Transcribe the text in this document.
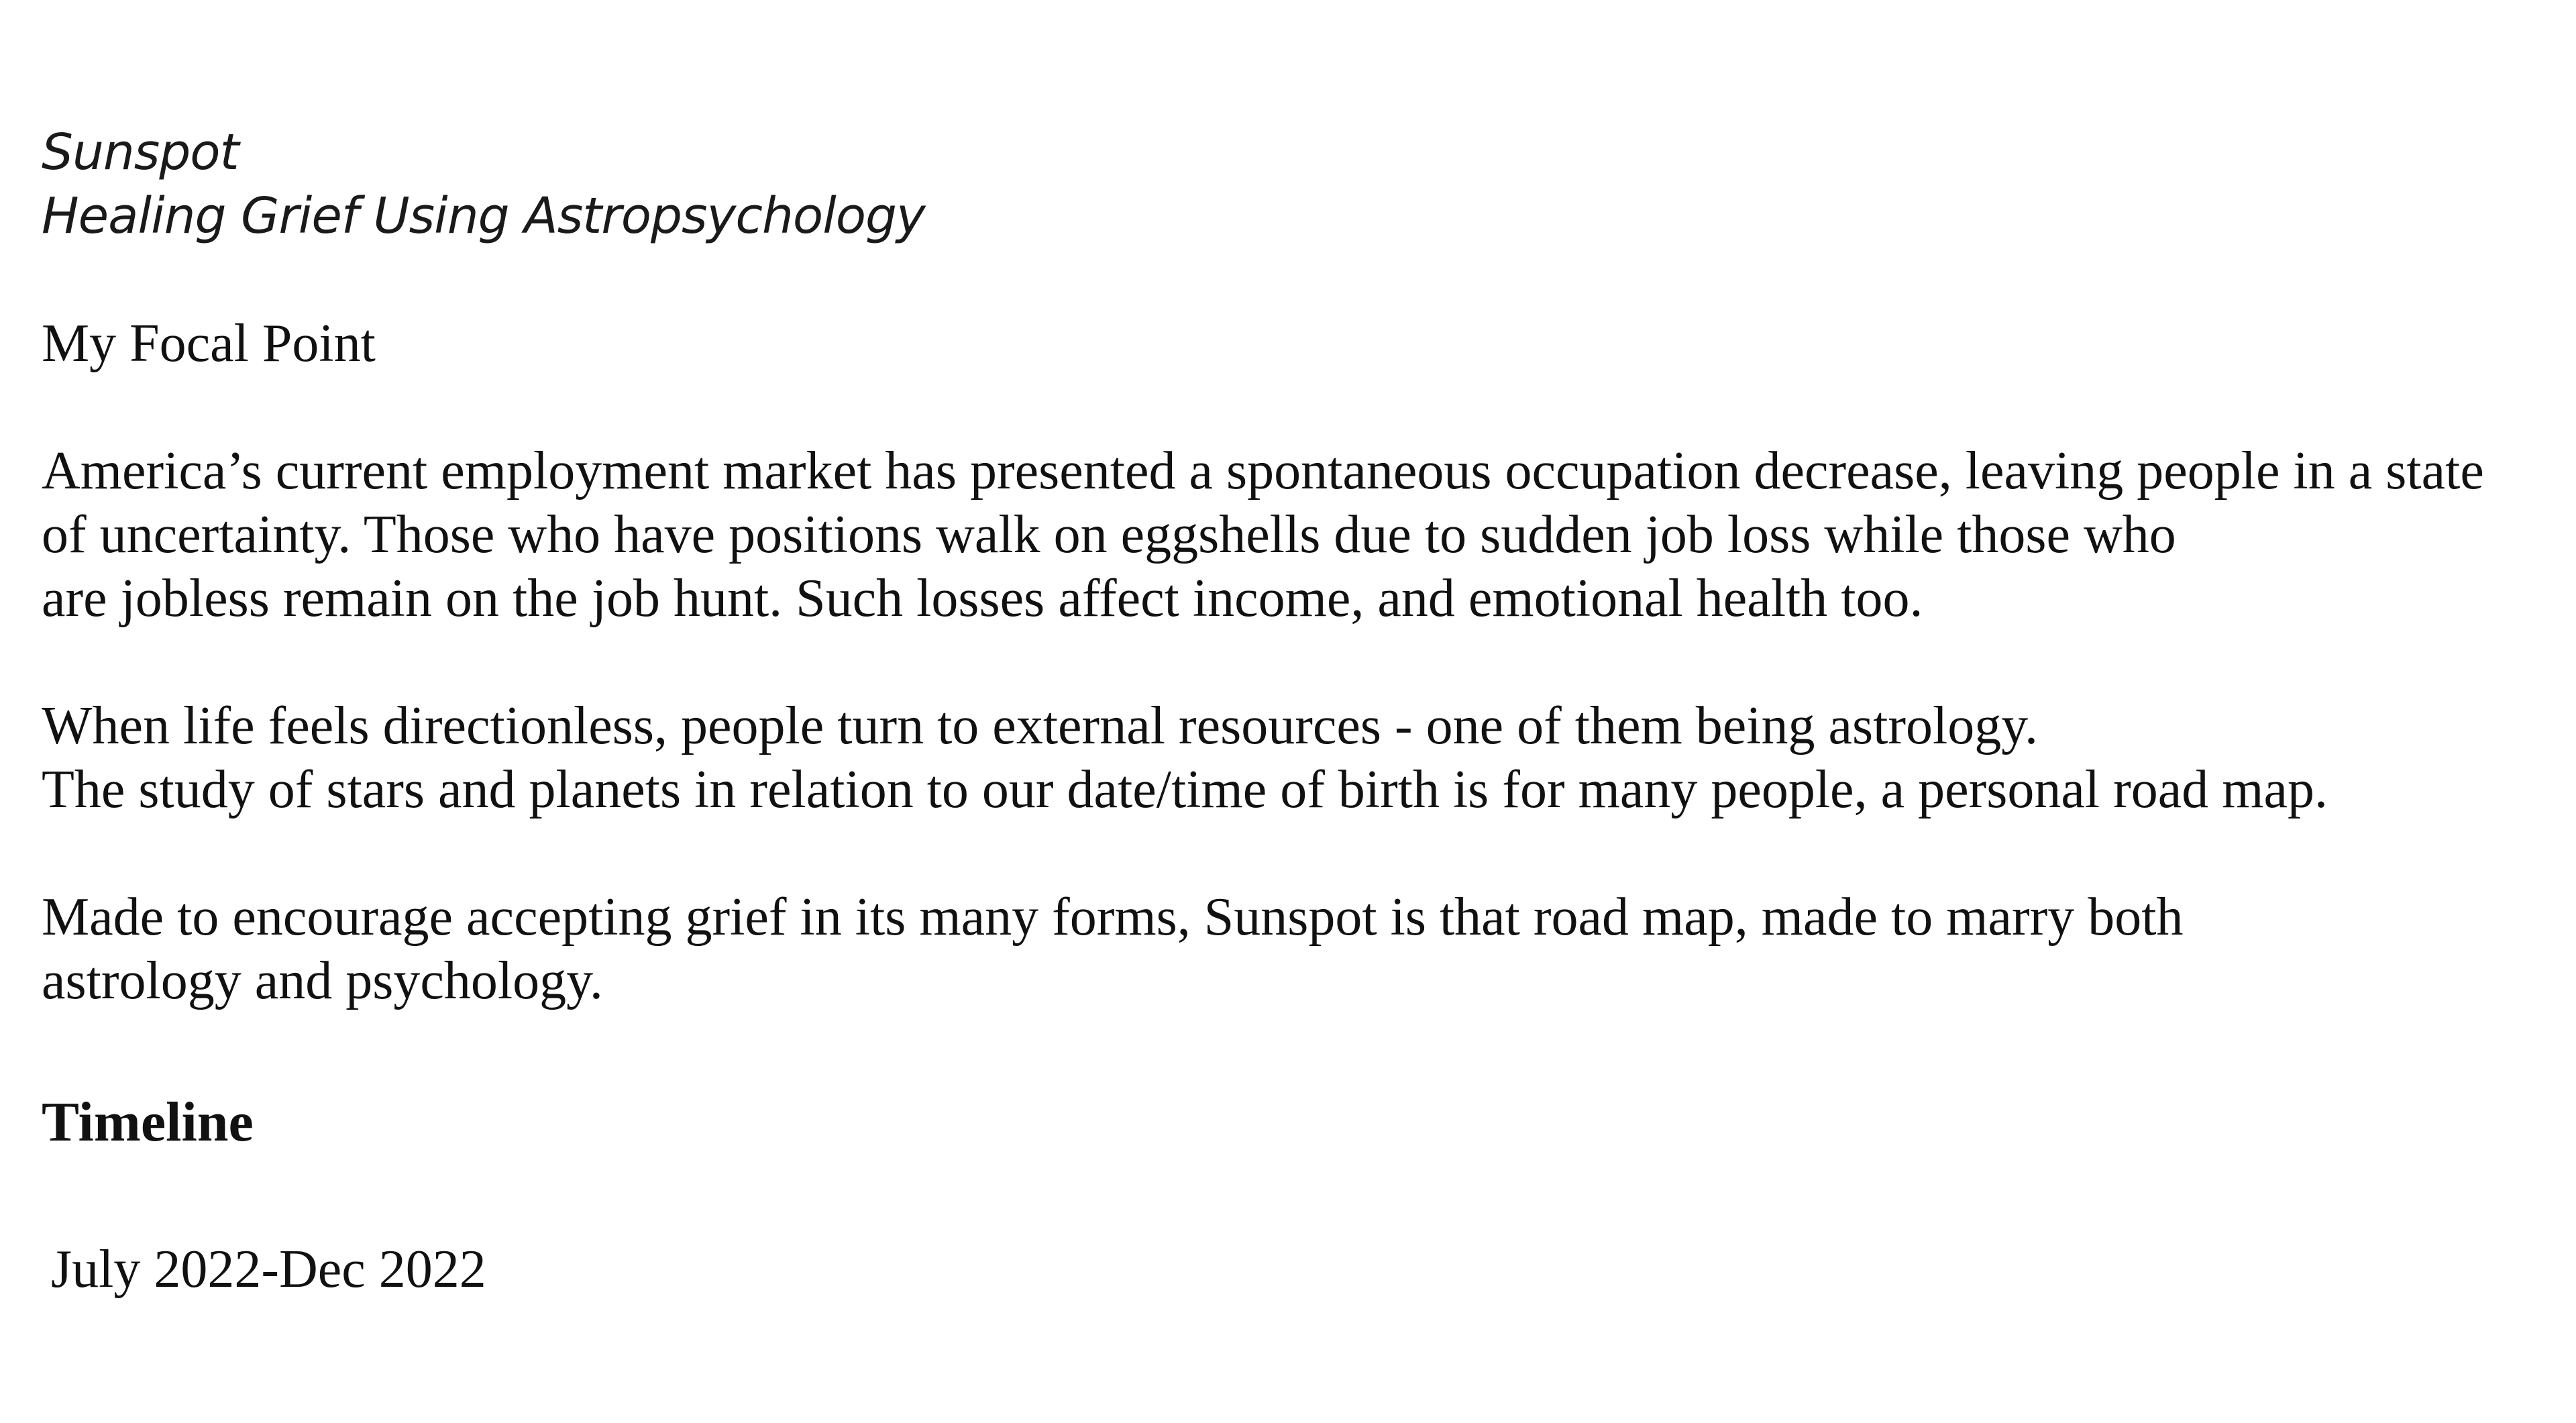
Sunspot
Healing Grief Using Astropsychology
My Focal Point
America’s current employment market has presented a spontaneous occupation decrease, leaving people in a state
of uncertainty. Those who have positions walk on eggshells due to sudden job loss while those who
are jobless remain on the job hunt. Such losses affect income, and emotional health too.
When life feels directionless, people turn to external resources - one of them being astrology.
The study of stars and planets in relation to our date/time of birth is for many people, a personal road map.
Made to encourage accepting grief in its many forms, Sunspot is that road map, made to marry both
astrology and psychology.
Timeline
July 2022-Dec 2022
